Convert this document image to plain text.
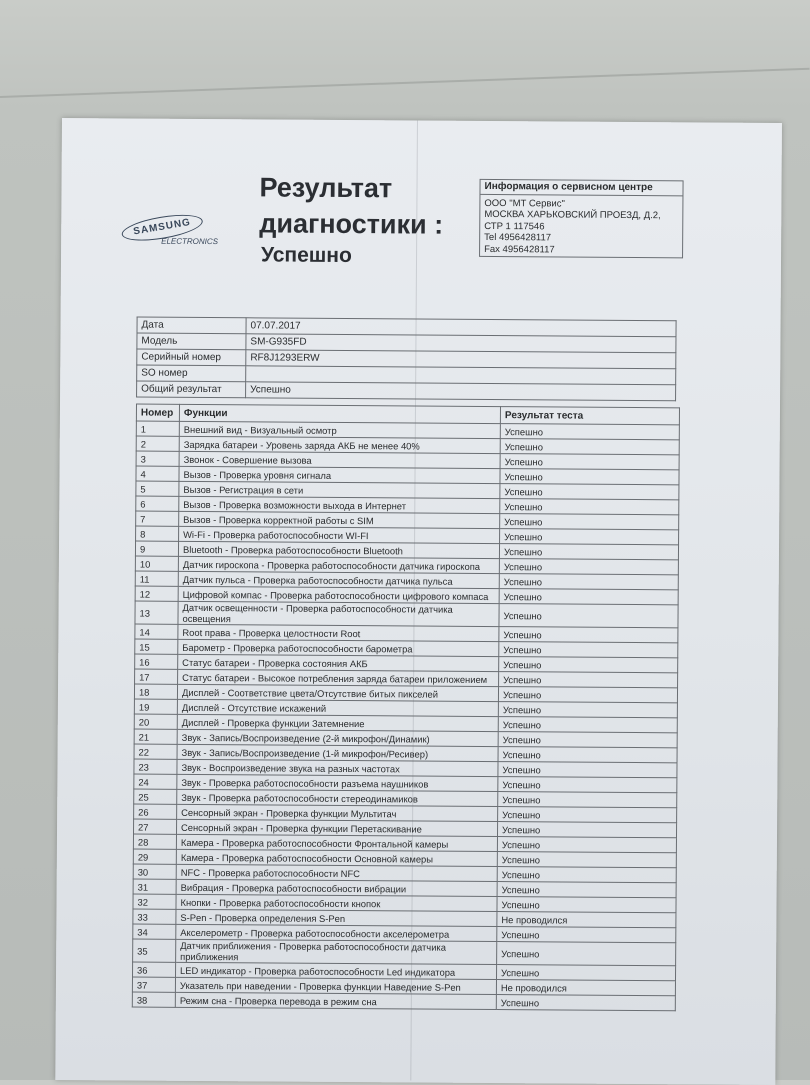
SAMSUNG
ELECTRONICS
Результат
диагностики :
Успешно
Информация о сервисном центре
ООО "МТ Сервис"
МОСКВА ХАРЬКОВСКИЙ ПРОЕЗД, Д.2,
СТР 1 117546
Tel 4956428117
Fax 4956428117
Дата	07.07.2017
Модель	SM-G935FD
Серийный номер	RF8J1293ERW
SO номер	
Общий результат	Успешно
Номер	Функции	Результат теста
1	Внешний вид - Визуальный осмотр	Успешно
2	Зарядка батареи - Уровень заряда АКБ не менее 40%	Успешно
3	Звонок - Совершение вызова	Успешно
4	Вызов - Проверка уровня сигнала	Успешно
5	Вызов - Регистрация в сети	Успешно
6	Вызов - Проверка возможности выхода в Интернет	Успешно
7	Вызов - Проверка корректной работы с SIM	Успешно
8	Wi-Fi - Проверка работоспособности WI-FI	Успешно
9	Bluetooth - Проверка работоспособности Bluetooth	Успешно
10	Датчик гироскопа - Проверка работоспособности датчика гироскопа	Успешно
11	Датчик пульса - Проверка работоспособности датчика пульса	Успешно
12	Цифровой компас - Проверка работоспособности цифрового компаса	Успешно
13	Датчик освещенности - Проверка работоспособности датчика освещения	Успешно
14	Root права - Проверка целостности Root	Успешно
15	Барометр - Проверка работоспособности барометра	Успешно
16	Статус батареи - Проверка состояния АКБ	Успешно
17	Статус батареи - Высокое потребления заряда батареи приложением	Успешно
18	Дисплей - Соответствие цвета/Отсутствие битых пикселей	Успешно
19	Дисплей - Отсутствие искажений	Успешно
20	Дисплей - Проверка функции Затемнение	Успешно
21	Звук - Запись/Воспроизведение (2-й микрофон/Динамик)	Успешно
22	Звук - Запись/Воспроизведение (1-й микрофон/Ресивер)	Успешно
23	Звук - Воспроизведение звука на разных частотах	Успешно
24	Звук - Проверка работоспособности разъема наушников	Успешно
25	Звук - Проверка работоспособности стереодинамиков	Успешно
26	Сенсорный экран - Проверка функции Мультитач	Успешно
27	Сенсорный экран - Проверка функции Перетаскивание	Успешно
28	Камера - Проверка работоспособности Фронтальной камеры	Успешно
29	Камера - Проверка работоспособности Основной камеры	Успешно
30	NFC - Проверка работоспособности NFC	Успешно
31	Вибрация - Проверка работоспособности вибрации	Успешно
32	Кнопки - Проверка работоспособности кнопок	Успешно
33	S-Pen - Проверка определения S-Pen	Не проводился
34	Акселерометр - Проверка работоспособности акселерометра	Успешно
35	Датчик приближения - Проверка работоспособности датчика приближения	Успешно
36	LED индикатор - Проверка работоспособности Led индикатора	Успешно
37	Указатель при наведении - Проверка функции Наведение S-Pen	Не проводился
38	Режим сна - Проверка перевода в режим сна	Успешно
